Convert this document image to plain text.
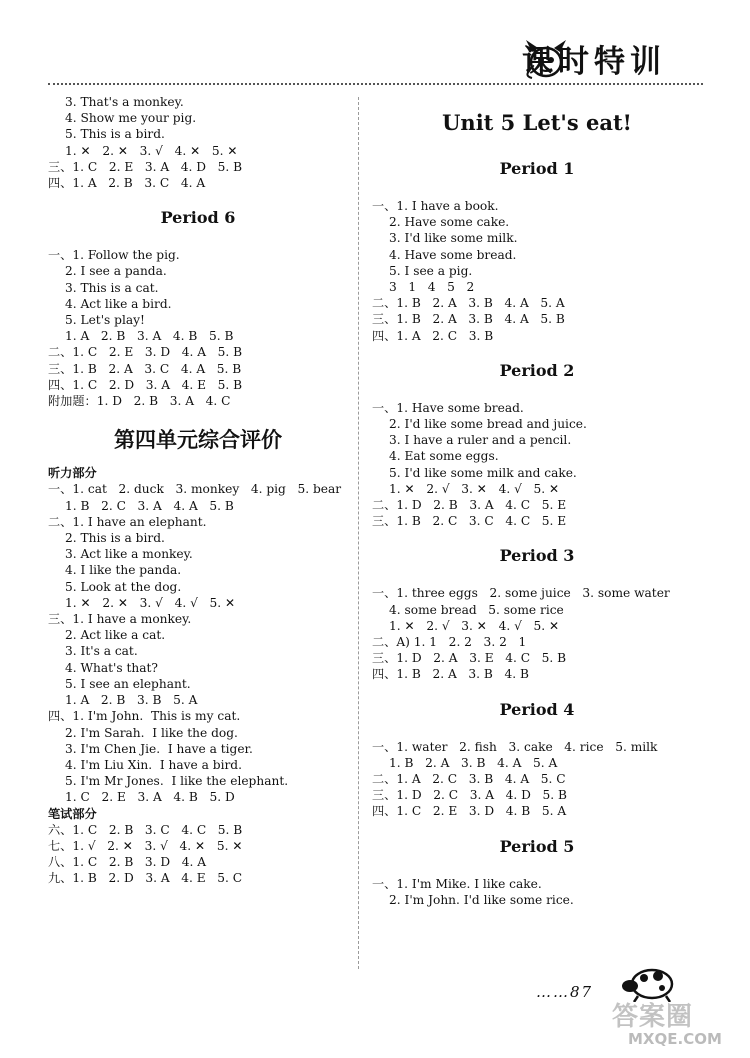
课时特训
3. That's a monkey.
4. Show me your pig.
5. This is a bird.
1. ✕   2. ✕   3. √   4. ✕   5. ✕
三、1. C   2. E   3. A   4. D   5. B
四、1. A   2. B   3. C   4. A
Period 6
一、1. Follow the pig.
2. I see a panda.
3. This is a cat.
4. Act like a bird.
5. Let's play!
1. A   2. B   3. A   4. B   5. B
二、1. C   2. E   3. D   4. A   5. B
三、1. B   2. A   3. C   4. A   5. B
四、1. C   2. D   3. A   4. E   5. B
附加题：1. D   2. B   3. A   4. C
第四单元综合评价
听力部分
一、1. cat   2. duck   3. monkey   4. pig   5. bear
1. B   2. C   3. A   4. A   5. B
二、1. I have an elephant.
2. This is a bird.
3. Act like a monkey.
4. I like the panda.
5. Look at the dog.
1. ✕   2. ✕   3. √   4. √   5. ✕
三、1. I have a monkey.
2. Act like a cat.
3. It's a cat.
4. What's that?
5. I see an elephant.
1. A   2. B   3. B   5. A
四、1. I'm John.  This is my cat.
2. I'm Sarah.  I like the dog.
3. I'm Chen Jie.  I have a tiger.
4. I'm Liu Xin.  I have a bird.
5. I'm Mr Jones.  I like the elephant.
1. C   2. E   3. A   4. B   5. D
笔试部分
六、1. C   2. B   3. C   4. C   5. B
七、1. √   2. ✕   3. √   4. ✕   5. ✕
八、1. C   2. B   3. D   4. A
九、1. B   2. D   3. A   4. E   5. C
Unit 5 Let's eat!
Period 1
一、1. I have a book.
2. Have some cake.
3. I'd like some milk.
4. Have some bread.
5. I see a pig.
3   1   4   5   2
二、1. B   2. A   3. B   4. A   5. A
三、1. B   2. A   3. B   4. A   5. B
四、1. A   2. C   3. B
Period 2
一、1. Have some bread.
2. I'd like some bread and juice.
3. I have a ruler and a pencil.
4. Eat some eggs.
5. I'd like some milk and cake.
1. ✕   2. √   3. ✕   4. √   5. ✕
二、1. D   2. B   3. A   4. C   5. E
三、1. B   2. C   3. C   4. C   5. E
Period 3
一、1. three eggs   2. some juice   3. some water
4. some bread   5. some rice
1. ✕   2. √   3. ✕   4. √   5. ✕
二、A) 1. 1   2. 2   3. 2   1
三、1. D   2. A   3. E   4. C   5. B
四、1. B   2. A   3. B   4. B
Period 4
一、1. water   2. fish   3. cake   4. rice   5. milk
1. B   2. A   3. B   4. A   5. A
二、1. A   2. C   3. B   4. A   5. C
三、1. D   2. C   3. A   4. D   5. B
四、1. C   2. E   3. D   4. B   5. A
Period 5
一、1. I'm Mike. I like cake.
2. I'm John. I'd like some rice.
……87
答案圈
MXQE.COM
